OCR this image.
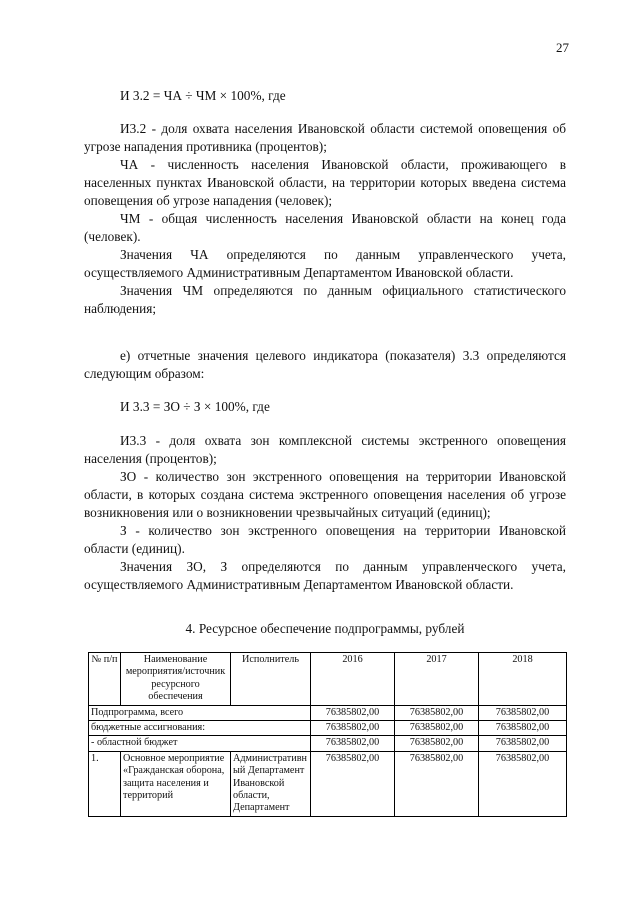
27
И 3.2 = ЧА ÷ ЧМ × 100%, где

И3.2 - доля охвата населения Ивановской области системой оповещения об угрозе нападения противника (процентов);

ЧА - численность населения Ивановской области, проживающего в населенных пунктах Ивановской области, на территории которых введена система оповещения об угрозе нападения (человек);

ЧМ - общая численность населения Ивановской области на конец года (человек).

Значения ЧА определяются по данным управленческого учета, осуществляемого Административным Департаментом Ивановской области.

Значения ЧМ определяются по данным официального статистического наблюдения;

е) отчетные значения целевого индикатора (показателя) 3.3 определяются следующим образом:

И 3.3 = ЗО ÷ З × 100%, где

И3.3 - доля охвата зон комплексной системы экстренного оповещения населения (процентов);

ЗО - количество зон экстренного оповещения на территории Ивановской области, в которых создана система экстренного оповещения населения об угрозе возникновения или о возникновении чрезвычайных ситуаций (единиц);

З - количество зон экстренного оповещения на территории Ивановской области (единиц).

Значения ЗО, З определяются по данным управленческого учета, осуществляемого Административным Департаментом Ивановской области.

4. Ресурсное обеспечение подпрограммы, рублей
№ п/п	Наименование мероприятия/источник ресурсного обеспечения	Исполнитель	2016	2017	2018
Подпрограмма, всего			76385802,00	76385802,00	76385802,00
бюджетные ассигнования:			76385802,00	76385802,00	76385802,00
- областной бюджет			76385802,00	76385802,00	76385802,00
1.	Основное мероприятие «Гражданская оборона, защита населения и территорий	Административный Департамент Ивановской области, Департамент	76385802,00	76385802,00	76385802,00
